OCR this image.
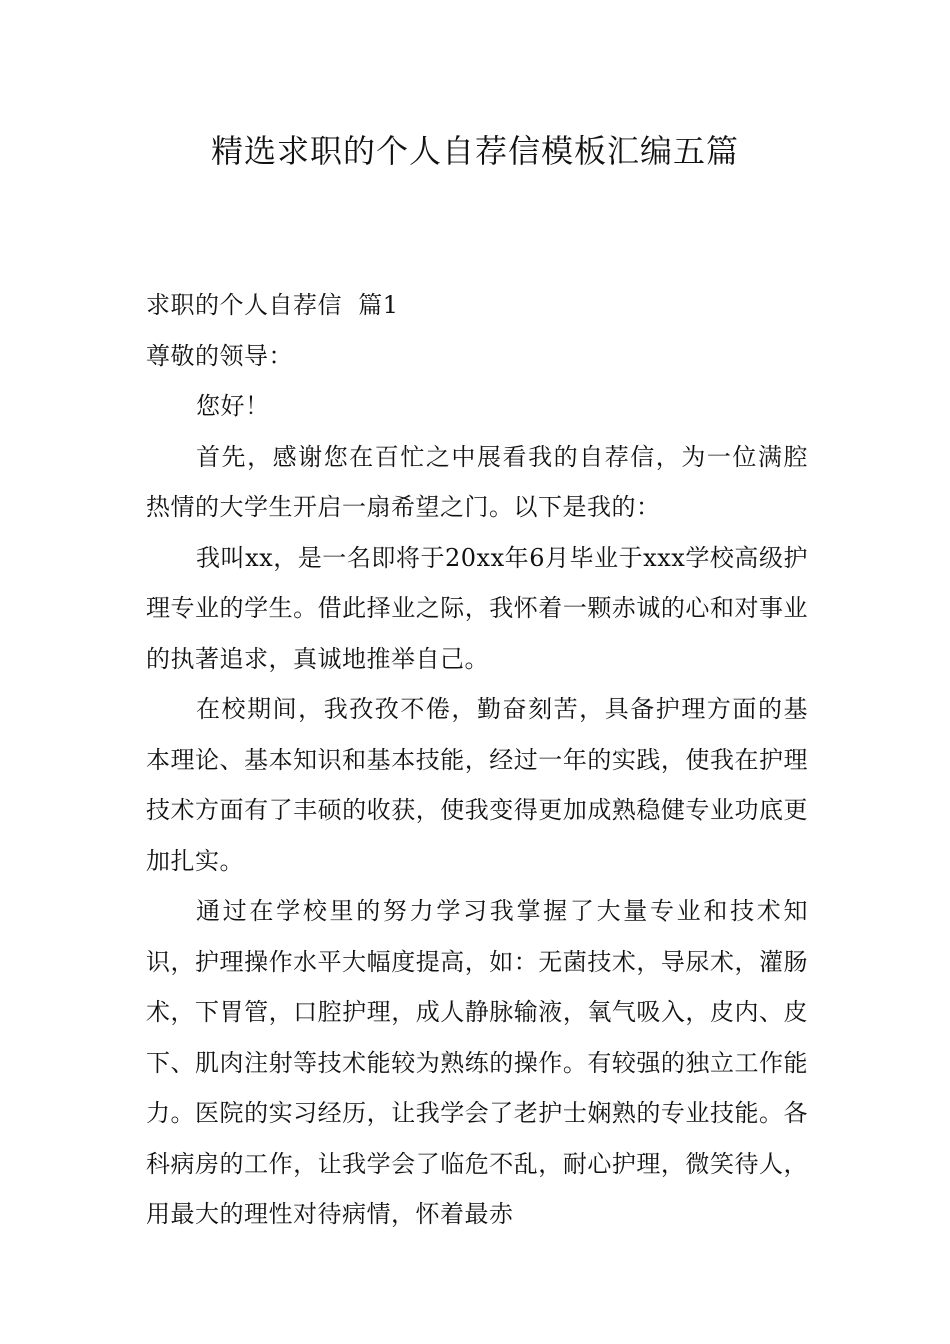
精选求职的个人自荐信模板汇编五篇

求职的个人自荐信  篇1

尊敬的领导：

您好！

首先，感谢您在百忙之中展看我的自荐信，为一位满腔热情的大学生开启一扇希望之门。以下是我的：

我叫xx，是一名即将于20xx年6月毕业于xxx学校高级护理专业的学生。借此择业之际，我怀着一颗赤诚的心和对事业的执著追求，真诚地推举自己。

在校期间，我孜孜不倦，勤奋刻苦，具备护理方面的基本理论、基本知识和基本技能，经过一年的实践，使我在护理技术方面有了丰硕的收获，使我变得更加成熟稳健专业功底更加扎实。

通过在学校里的努力学习我掌握了大量专业和技术知识，护理操作水平大幅度提高，如：无菌技术，导尿术，灌肠术，下胃管，口腔护理，成人静脉输液，氧气吸入，皮内、皮下、肌肉注射等技术能较为熟练的操作。有较强的独立工作能力。医院的实习经历，让我学会了老护士娴熟的专业技能。各科病房的工作，让我学会了临危不乱，耐心护理，微笑待人，用最大的理性对待病情，怀着最赤
